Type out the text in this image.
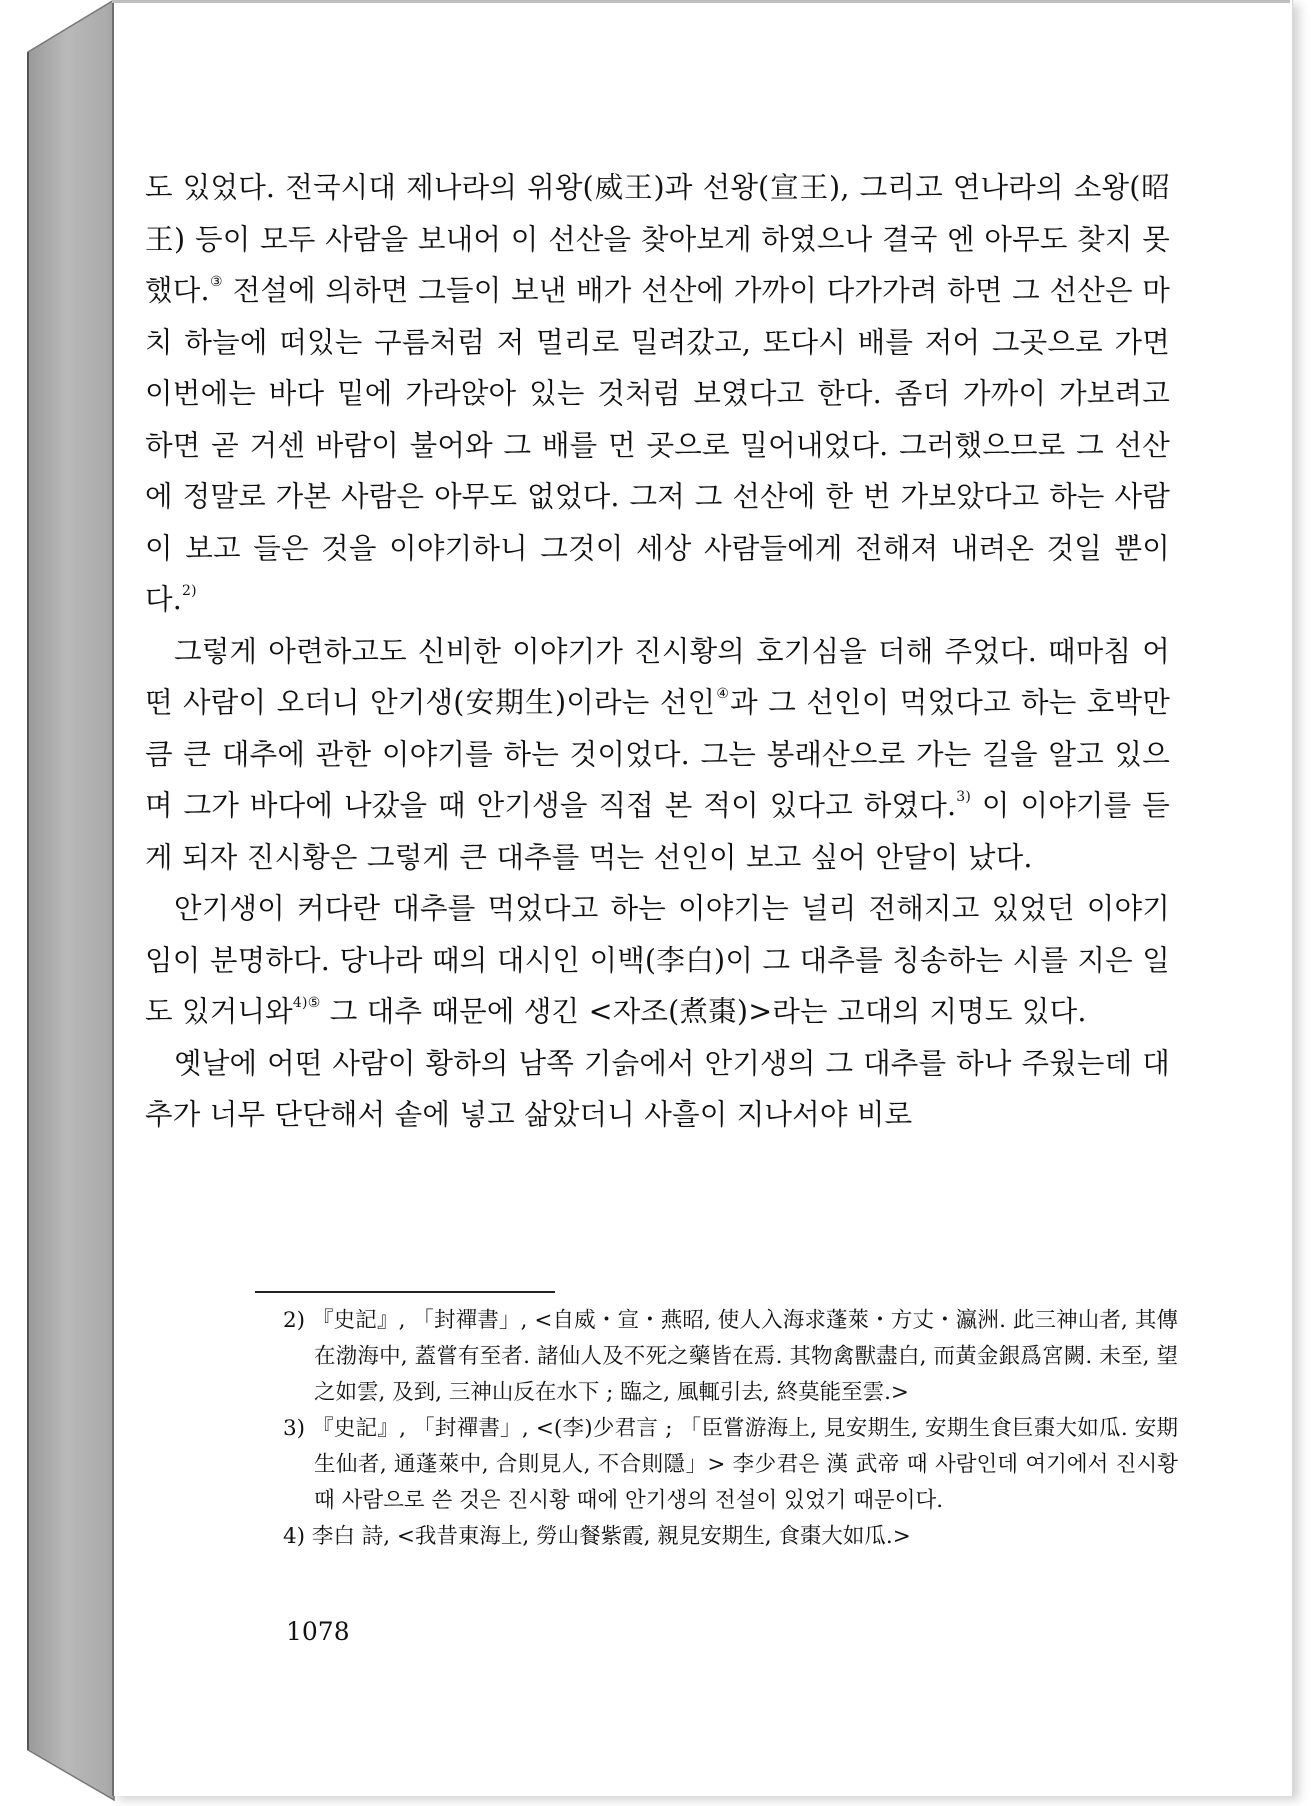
도 있었다. 전국시대 제나라의 위왕(威王)과 선왕(宣王), 그리고 연나라의 소왕(昭王) 등이 모두 사람을 보내어 이 선산을 찾아보게 하였으나 결국 엔 아무도 찾지 못했다.③ 전설에 의하면 그들이 보낸 배가 선산에 가까이 다가가려 하면 그 선산은 마치 하늘에 떠있는 구름처럼 저 멀리로 밀려갔고, 또다시 배를 저어 그곳으로 가면 이번에는 바다 밑에 가라앉아 있는 것처럼 보였다고 한다. 좀더 가까이 가보려고 하면 곧 거센 바람이 불어와 그 배를 먼 곳으로 밀어내었다. 그러했으므로 그 선산에 정말로 가본 사람은 아무도 없었다. 그저 그 선산에 한 번 가보았다고 하는 사람이 보고 들은 것을 이야기하니 그것이 세상 사람들에게 전해져 내려온 것일 뿐이다.$^{2)}$

그렇게 아련하고도 신비한 이야기가 진시황의 호기심을 더해 주었다. 때마침 어떤 사람이 오더니 안기생(安期生)이라는 선인④과 그 선인이 먹었다고 하는 호박만큼 큰 대추에 관한 이야기를 하는 것이었다. 그는 봉래산으로 가는 길을 알고 있으며 그가 바다에 나갔을 때 안기생을 직접 본 적이 있다고 하였다.$^{3)}$ 이 이야기를 듣게 되자 진시황은 그렇게 큰 대추를 먹는 선인이 보고 싶어 안달이 났다.

안기생이 커다란 대추를 먹었다고 하는 이야기는 널리 전해지고 있었던 이야기임이 분명하다. 당나라 때의 대시인 이백(李白)이 그 대추를 칭송하는 시를 지은 일도 있거니와$^{4)⑤}$ 그 대추 때문에 생긴 <자조(煮棗)>라는 고대의 지명도 있다.

옛날에 어떤 사람이 황하의 남쪽 기슭에서 안기생의 그 대추를 하나 주웠는데 대추가 너무 단단해서 솥에 넣고 삶았더니 사흘이 지나서야 비로

2) 『史記』, 「封禪書」, <自威・宣・燕昭, 使人入海求蓬萊・方丈・瀛洲. 此三神山者, 其傳在渤海中, 蓋嘗有至者. 諸仙人及不死之藥皆在焉. 其物禽獸盡白, 而黃金銀爲宮闕. 未至, 望之如雲, 及到, 三神山反在水下 ; 臨之, 風輒引去, 終莫能至雲.>

3) 『史記』, 「封禪書」, <(李)少君言 ; 「臣嘗游海上, 見安期生, 安期生食巨棗大如瓜. 安期生仙者, 通蓬萊中, 合則見人, 不合則隱」> 李少君은 漢 武帝 때 사람인데 여기에서 진시황 때 사람으로 쓴 것은 진시황 때에 안기생의 전설이 있었기 때문이다.

4) 李白 詩, <我昔東海上, 勞山餐紫霞, 親見安期生, 食棗大如瓜.>

1078
